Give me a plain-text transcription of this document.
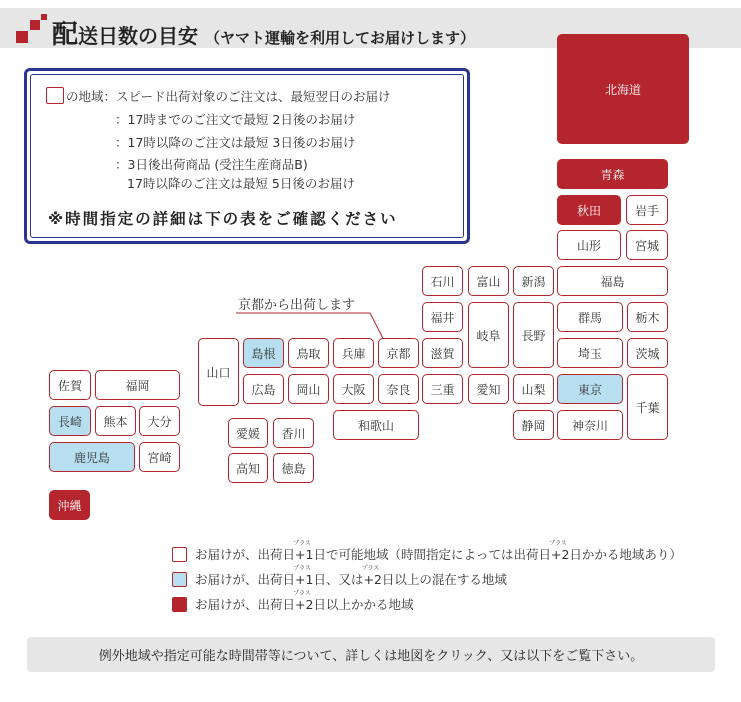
配送日数の目安 （ヤマト運輸を利用してお届けします）
の地域：スピード出荷対象のご注文は、最短翌日のお届け
：17時までのご注文で最短 2日後のお届け
：17時以降のご注文は最短 3日後のお届け
：3日後出荷商品 (受注生産商品B)
17時以降のご注文は最短 5日後のお届け
※時間指定の詳細は下の表をご確認ください
京都から出荷します
北海道
青森
秋田	岩手
山形	宮城
石川	富山	新潟	福島
福井
岐阜	長野
群馬	栃木
山口
島根	鳥取	兵庫	京都	滋賀	埼玉	茨城
広島	岡山	大阪	奈良	三重	愛知	山梨	東京
千葉
佐賀	福岡
長崎	熊本	大分
愛媛	香川
和歌山	静岡	神奈川
鹿児島	宮崎
高知	徳島
沖縄
お届けが、出荷日
プラス
+ 1日で可能地域（時間指定によっては出荷日
プラス
+ 2日かかる地域あり）
お届けが、出荷日
プラス
+ 1日、又は
プラス
+ 2日以上の混在する地域
お届けが、出荷日
プラス
+ 2日以上かかる地域
例外地域や指定可能な時間帯等について、詳しくは地図をクリック、又は以下をご覧下さい。
